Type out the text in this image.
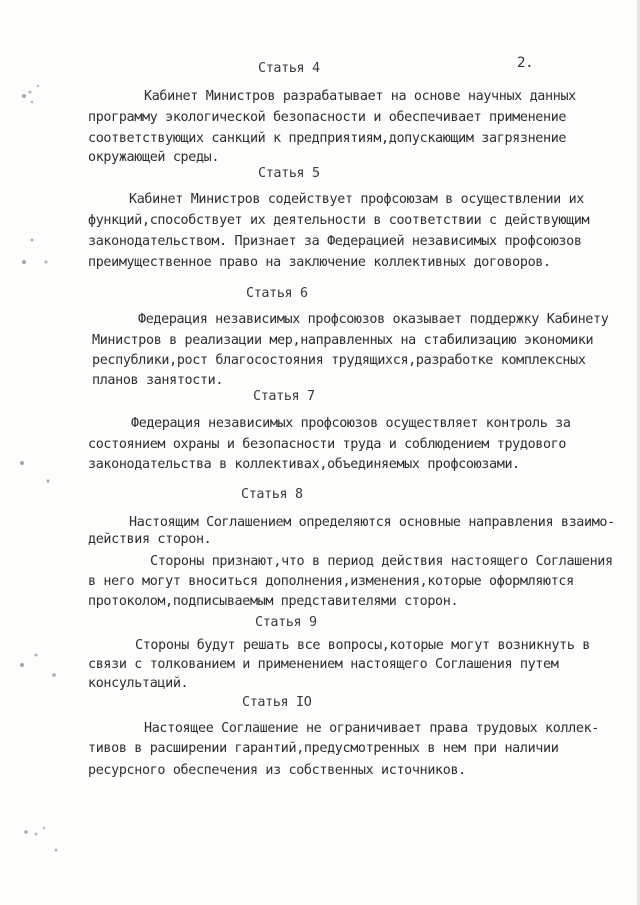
2.
Статья 4
Кабинет Министров разрабатывает на основе научных данных
программу экологической безопасности и обеспечивает применение
соответствующих санкций к предприятиям,допускающим загрязнение
окружающей среды.
Статья 5
Кабинет Министров содействует профсоюзам в осуществлении их
функций,способствует их деятельности в соответствии с действующим
законодательством. Признает за Федерацией независимых профсоюзов
преимущественное право на заключение коллективных договоров.
Статья 6
Федерация независимых профсоюзов оказывает поддержку Кабинету
Министров в реализации мер,направленных на стабилизацию экономики
республики,рост благосостояния трудящихся,разработке комплексных
планов занятости.
Статья 7
Федерация независимых профсоюзов осуществляет контроль за
состоянием охраны и безопасности труда и соблюдением трудового
законодательства в коллективах,объединяемых профсоюзами.
Статья 8
Настоящим Соглашением определяются основные направления взаимо-
действия сторон.
Стороны признают,что в период действия настоящего Соглашения
в него могут вноситься дополнения,изменения,которые оформляются
протоколом,подписываемым представителями сторон.
Статья 9
Стороны будут решать все вопросы,которые могут возникнуть в
связи с толкованием и применением настоящего Соглашения путем
консультаций.
Статья IO
Настоящее Соглашение не ограничивает права трудовых коллек-
тивов в расширении гарантий,предусмотренных в нем при наличии
ресурсного обеспечения из собственных источников.
